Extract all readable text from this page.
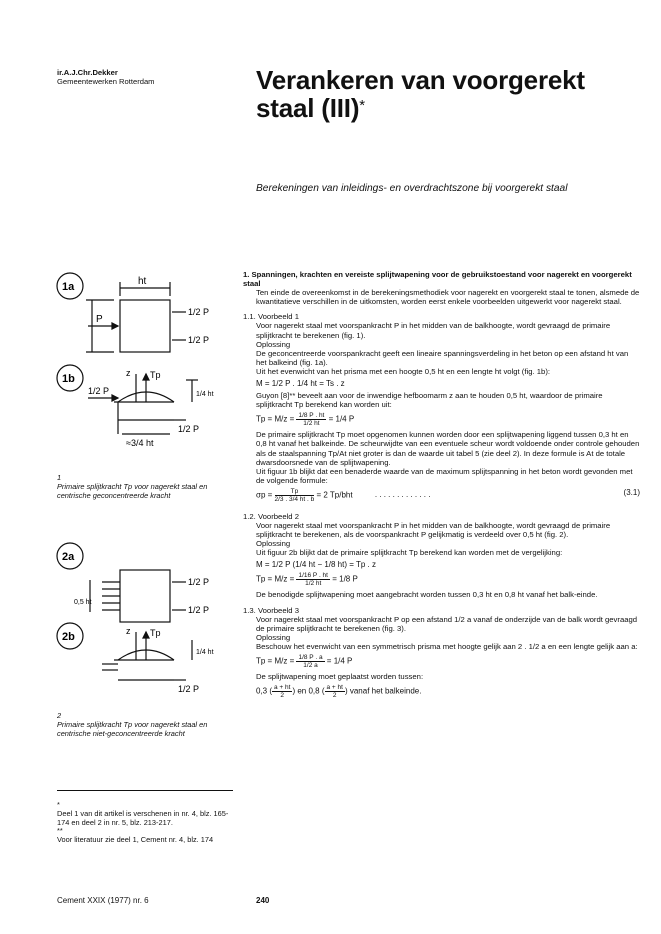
ir.A.J.Chr.Dekker
Gemeentewerken Rotterdam	Verankeren van voorgerekt
staal (III)*
Berekeningen van inleidings- en overdrachtszone bij voorgerekt staal
1a
1b
ht
P
1/2 P
1/2 P
Tp
z
1/2 P
1/2 P
≈3/4 ht
1/4 ht
1
Primaire splijtkracht Tp voor nagerekt staal en centrische geconcentreerde kracht
2a
2b
1/2 P
1/2 P
Tp
z
1/2 P
0,5 ht
1/4 ht
2
Primaire splijtkracht Tp voor nagerekt staal en centrische niet-geconcentreerde kracht
*
Deel 1 van dit artikel is verschenen in nr. 4, blz. 165-174 en deel 2 in nr. 5, blz. 213-217.
**
Voor literatuur zie deel 1, Cement nr. 4, blz. 174
Cement XXIX (1977) nr. 6	240

1. Spanningen, krachten en vereiste splijtwapening voor de gebruikstoestand voor nagerekt en voorgerekt staal

Ten einde de overeenkomst in de berekeningsmethodiek voor nagerekt en voorgerekt staal te tonen, alsmede de kwantitatieve verschillen in de uitkomsten, worden eerst enkele voorbeelden uitgewerkt voor nagerekt staal.

1.1. Voorbeeld 1

Voor nagerekt staal met voorspankracht P in het midden van de balkhoogte, wordt gevraagd de primaire splijtkracht te berekenen (fig. 1).

Oplossing

De geconcentreerde voorspankracht geeft een lineaire spanningsverdeling in het beton op een afstand ht van het balkeind (fig. 1a).

Uit het evenwicht van het prisma met een hoogte 0,5 ht en een lengte ht volgt (fig. 1b):

M = 1/2 P . 1/4 ht = Ts . z

Guyon [8]** beveelt aan voor de inwendige hefboomarm z aan te houden 0,5 ht, waardoor de primaire splijtkracht Tp berekend kan worden uit:

$Tp = M/z = \frac{1/8 P . ht}{1/2 ht} = 1/4$ P

De primaire splijtkracht Tp moet opgenomen kunnen worden door een splijtwapening liggend tussen 0,3 ht en 0,8 ht vanaf het balkeinde. De scheurwijdte van een eventuele scheur wordt voldoende onder controle gehouden als de staalspanning Tp/At niet groter is dan de waarde uit tabel 5 (zie deel 2). In deze formule is At de totale dwarsdoorsnede van de splijtwapening.

Uit figuur 1b blijkt dat een benaderde waarde van de maximum splijtspanning in het beton wordt gevonden met de volgende formule:

$\sigma p = \frac{Tp}{2/3 . 3/4 ht . b} = 2$ Tp/bht	. . . . . . . . . . . . .	(3.1)

1.2. Voorbeeld 2

Voor nagerekt staal met voorspankracht P in het midden van de balkhoogte, wordt gevraagd de primaire splijtkracht te berekenen, als de voorspankracht P gelijkmatig is verdeeld over 0,5 ht (fig. 2).

Oplossing

Uit figuur 2b blijkt dat de primaire splijtkracht Tp berekend kan worden met de vergelijking:

M = 1/2 P (1/4 ht − 1/8 ht) = Tp . z
$Tp = M/z = \frac{1/16 P . ht}{1/2 ht} = 1/8$ P

De benodigde splijtwapening moet aangebracht worden tussen 0,3 ht en 0,8 ht vanaf het balk-einde.

1.3. Voorbeeld 3

Voor nagerekt staal met voorspankracht P op een afstand 1/2 a vanaf de onderzijde van de balk wordt gevraagd de primaire splijtkracht te berekenen (fig. 3).

Oplossing

Beschouw het evenwicht van een symmetrisch prisma met hoogte gelijk aan 2 . 1/2 a en een lengte gelijk aan a:

$Tp = M/z = \frac{1/8 P . a}{1/2 a} = 1/4$ P

De splijtwapening moet geplaatst worden tussen:

0,3 ( $\frac{a + ht}{2}$ ) en 0,8 ( $\frac{a + ht}{2}$ ) vanaf het balkeinde.
